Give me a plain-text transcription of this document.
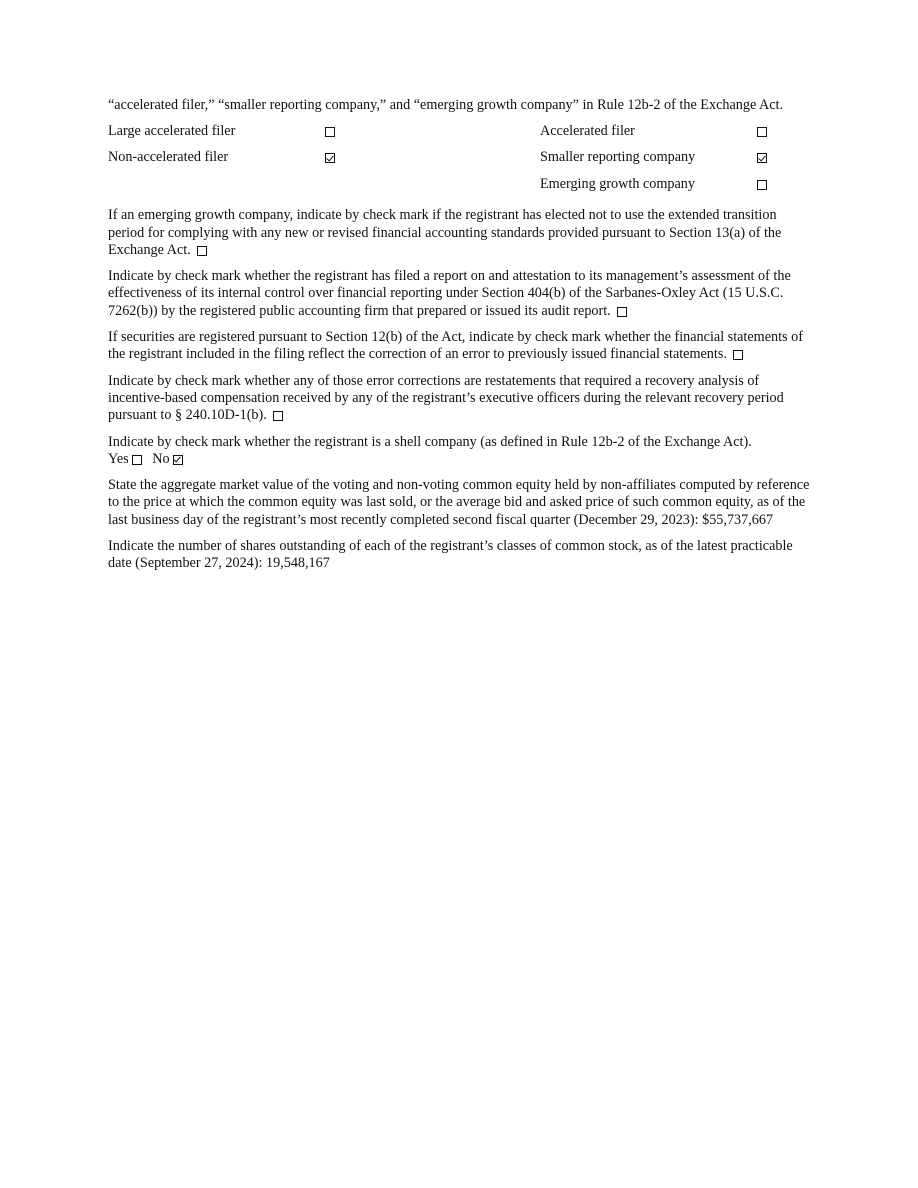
“accelerated filer,” “smaller reporting company,” and “emerging growth company” in Rule 12b-2 of the Exchange Act.

Large accelerated filer	Accelerated filer
Non-accelerated filer	Smaller reporting company
Emerging growth company

If an emerging growth company, indicate by check mark if the registrant has elected not to use the extended transition period for complying with any new or revised financial accounting standards provided pursuant to Section 13(a) of the Exchange Act.

Indicate by check mark whether the registrant has filed a report on and attestation to its management’s assessment of the effectiveness of its internal control over financial reporting under Section 404(b) of the Sarbanes-Oxley Act (15 U.S.C. 7262(b)) by the registered public accounting firm that prepared or issued its audit report.

If securities are registered pursuant to Section 12(b) of the Act, indicate by check mark whether the financial statements of the registrant included in the filing reflect the correction of an error to previously issued financial statements.

Indicate by check mark whether any of those error corrections are restatements that required a recovery analysis of incentive-based compensation received by any of the registrant’s executive officers during the relevant recovery period pursuant to § 240.10D-1(b).

Indicate by check mark whether the registrant is a shell company (as defined in Rule 12b-2 of the Exchange Act).
Yes No

State the aggregate market value of the voting and non-voting common equity held by non-affiliates computed by reference to the price at which the common equity was last sold, or the average bid and asked price of such common equity, as of the last business day of the registrant’s most recently completed second fiscal quarter (December 29, 2023): $55,737,667

Indicate the number of shares outstanding of each of the registrant’s classes of common stock, as of the latest practicable date (September 27, 2024): 19,548,167
